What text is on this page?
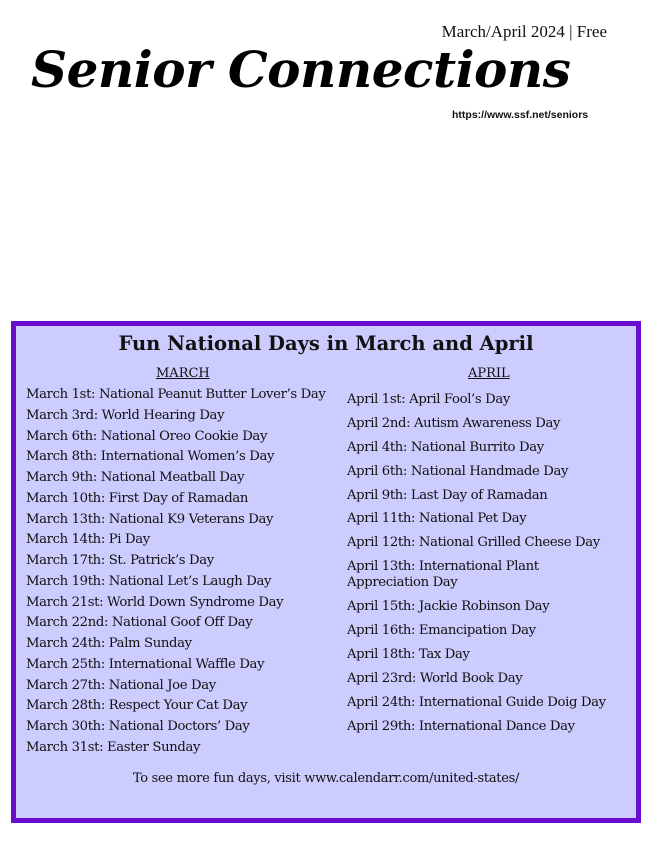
March/April 2024 | Free
Senior Connections
https://www.ssf.net/seniors
Fun National Days in March and April
MARCH	APRIL
March 1st: National Peanut Butter Lover’s Day
March 3rd: World Hearing Day
March 6th: National Oreo Cookie Day
March 8th: International Women’s Day
March 9th: National Meatball Day
March 10th: First Day of Ramadan
March 13th: National K9 Veterans Day
March 14th: Pi Day
March 17th: St. Patrick’s Day
March 19th: National Let’s Laugh Day
March 21st: World Down Syndrome Day
March 22nd: National Goof Off Day
March 24th: Palm Sunday
March 25th: International Waffle Day
March 27th: National Joe Day
March 28th: Respect Your Cat Day
March 30th: National Doctors’ Day
March 31st: Easter Sunday
April 1st: April Fool’s Day
April 2nd: Autism Awareness Day
April 4th: National Burrito Day
April 6th: National Handmade Day
April 9th: Last Day of Ramadan
April 11th: National Pet Day
April 12th: National Grilled Cheese Day
April 13th: International Plant Appreciation Day
April 15th: Jackie Robinson Day
April 16th: Emancipation Day
April 18th: Tax Day
April 23rd: World Book Day
April 24th: International Guide Doig Day
April 29th: International Dance Day
To see more fun days, visit www.calendarr.com/united-states/
